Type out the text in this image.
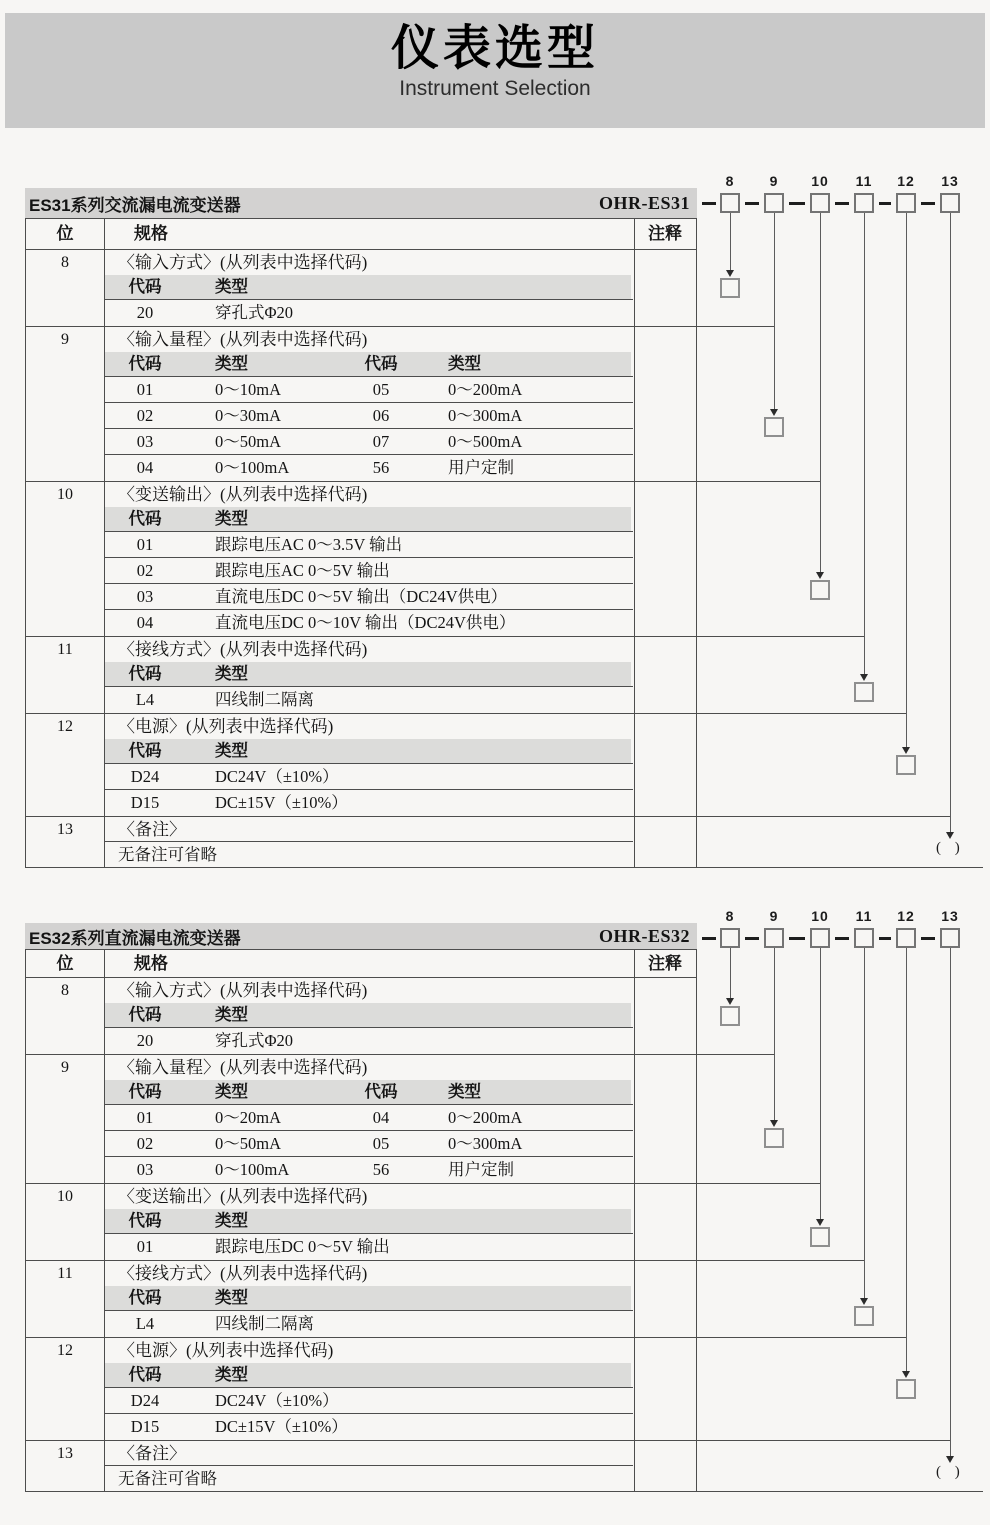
仪表选型
Instrument Selection
ES31系列交流漏电流变送器	OHR-ES31
位	规格	注释
8	〈输入方式〉(从列表中选择代码)
代码	类型
20	穿孔式Φ20
9	〈输入量程〉(从列表中选择代码)
代码	类型	代码	类型
01	0～10mA	05	0～200mA
02	0～30mA	06	0～300mA
03	0～50mA	07	0～500mA
04	0～100mA	56	用户定制
10	〈变送输出〉(从列表中选择代码)
代码	类型
01	跟踪电压AC 0～3.5V 输出
02	跟踪电压AC 0～5V 输出
03	直流电压DC 0～5V 输出（DC24V供电）
04	直流电压DC 0～10V 输出（DC24V供电）
11	〈接线方式〉(从列表中选择代码)
代码	类型
L4	四线制二隔离
12	〈电源〉(从列表中选择代码)
代码	类型
D24	DC24V（±10%）
D15	DC±15V（±10%）
13	〈备注〉
无备注可省略
8	9	10	11	12	13
( )
ES32系列直流漏电流变送器	OHR-ES32
位	规格	注释
8	〈输入方式〉(从列表中选择代码)
代码	类型
20	穿孔式Φ20
9	〈输入量程〉(从列表中选择代码)
代码	类型	代码	类型
01	0～20mA	04	0～200mA
02	0～50mA	05	0～300mA
03	0～100mA	56	用户定制
10	〈变送输出〉(从列表中选择代码)
代码	类型
01	跟踪电压DC 0～5V 输出
11	〈接线方式〉(从列表中选择代码)
代码	类型
L4	四线制二隔离
12	〈电源〉(从列表中选择代码)
代码	类型
D24	DC24V（±10%）
D15	DC±15V（±10%）
13	〈备注〉
无备注可省略
8	9	10	11	12	13
( )
